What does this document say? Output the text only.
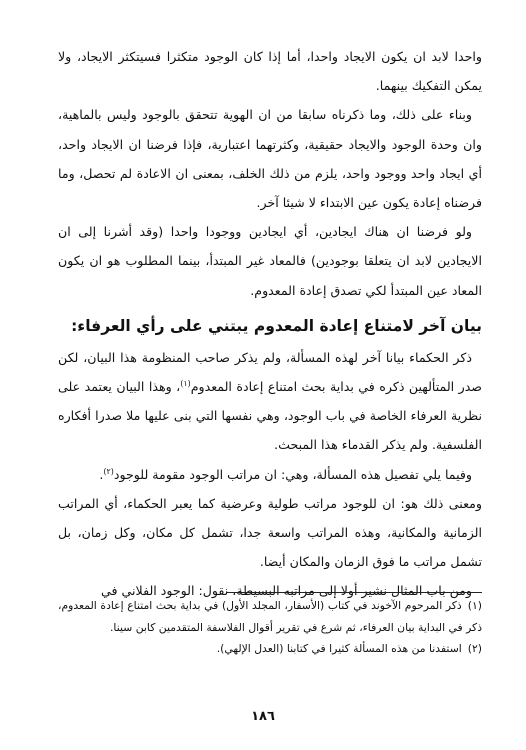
واحدا لابد ان يكون الايجاد واحدا، أما إذا كان الوجود متكثرا فسيتكثر الايجاد، ولا يمكن التفكيك بينهما.

وبناء على ذلك، وما ذكرناه سابقا من ان الهوية تتحقق بالوجود وليس بالماهية، وان وحدة الوجود والايجاد حقيقية، وكثرتهما اعتبارية، فإذا فرضنا ان الايجاد واحد، أي ايجاد واحد ووجود واحد، يلزم من ذلك الخلف، بمعنى ان الاعادة لم تحصل، وما فرضناه إعادة يكون عين الابتداء لا شيئا آخر.

ولو فرضنا ان هناك ايجادين، أي ايجادين ووجودا واحدا (وقد أشرنا إلى ان الايجادين لابد ان يتعلقا بوجودين) فالمعاد غير المبتدأ، بينما المطلوب هو ان يكون المعاد عين المبتدأ لكي تصدق إعادة المعدوم.

بيان آخر لامتناع إعادة المعدوم يبتني على رأي العرفاء:

ذكر الحكماء بيانا آخر لهذه المسألة، ولم يذكر صاحب المنظومة هذا البيان، لكن صدر المتألهين ذكره في بداية بحث امتناع إعادة المعدوم$^{(١)}$، وهذا البيان يعتمد على نظرية العرفاء الخاصة في باب الوجود، وهي نفسها التي بنى عليها ملا صدرا أفكاره الفلسفية. ولم يذكر القدماء هذا المبحث.

وفيما يلي تفصيل هذه المسألة، وهي: ان مراتب الوجود مقومة للوجود$^{(٢)}$.

ومعنى ذلك هو: ان للوجود مراتب طولية وعرضية كما يعبر الحكماء، أي المراتب الزمانية والمكانية، وهذه المراتب واسعة جدا، تشمل كل مكان، وكل زمان، بل تشمل مراتب ما فوق الزمان والمكان أيضا.

ومن باب المثال نشير أولا إلى مراتبه البسيطة، نقول: الوجود الفلاني في

(١)ذكر المرحوم الآخوند في كتاب (الأسفار، المجلد الأول) في بداية بحث امتناع إعادة المعدوم، ذكر في البداية بيان العرفاء، ثم شرع في تقرير أقوال الفلاسفة المتقدمين كابن سينا.

(٢)استفدنا من هذه المسألة كثيرا في كتابنا (العدل الإلهي).

١٨٦
